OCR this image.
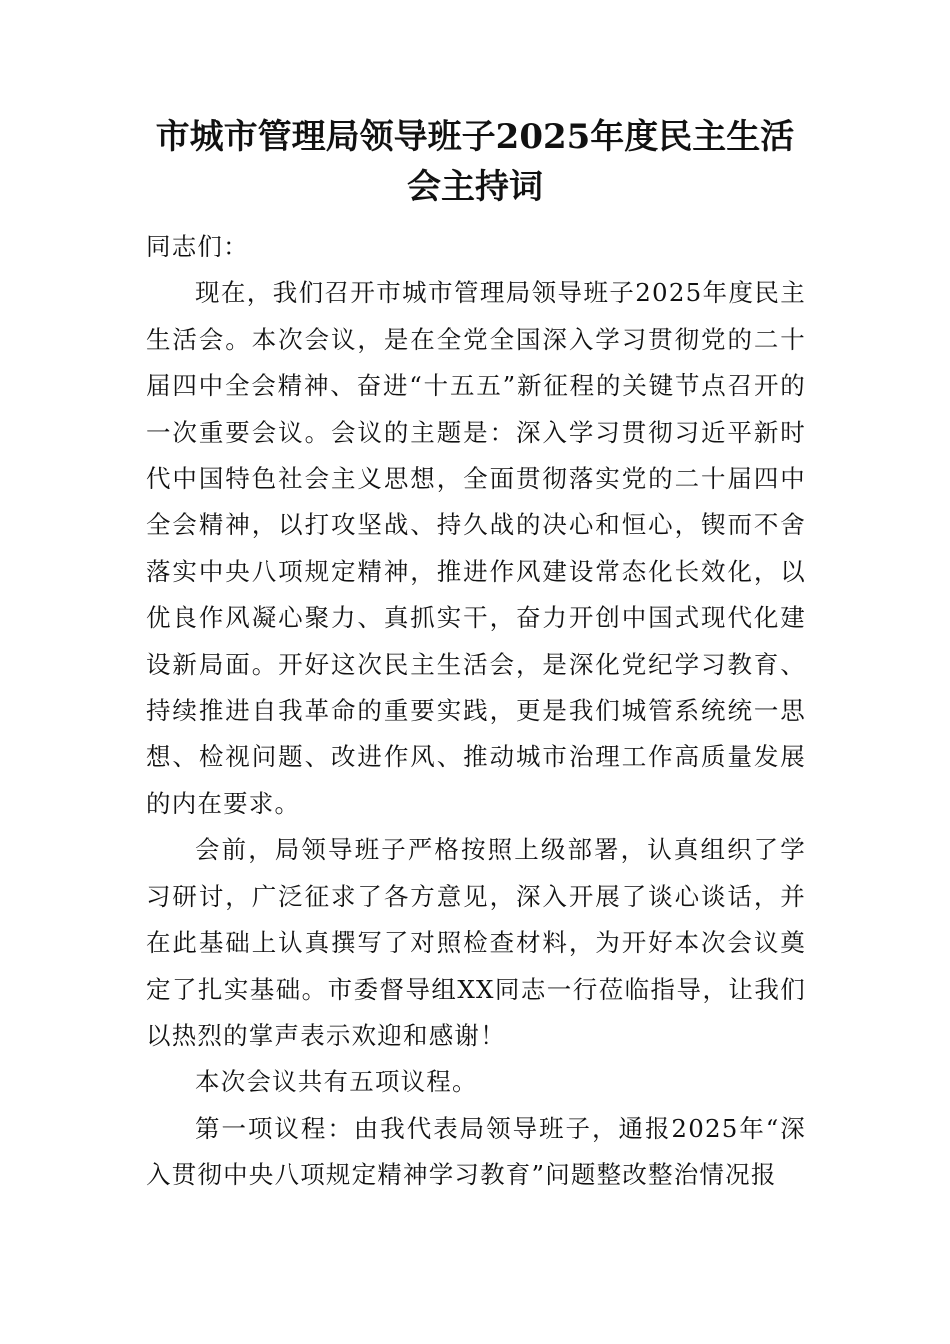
市城市管理局领导班子2025年度民主生活会主持词

同志们：

现在，我们召开市城市管理局领导班子2025年度民主生活会。本次会议，是在全党全国深入学习贯彻党的二十届四中全会精神、奋进“十五五”新征程的关键节点召开的一次重要会议。会议的主题是：深入学习贯彻习近平新时代中国特色社会主义思想，全面贯彻落实党的二十届四中全会精神，以打攻坚战、持久战的决心和恒心，锲而不舍落实中央八项规定精神，推进作风建设常态化长效化，以优良作风凝心聚力、真抓实干，奋力开创中国式现代化建设新局面。开好这次民主生活会，是深化党纪学习教育、持续推进自我革命的重要实践，更是我们城管系统统一思想、检视问题、改进作风、推动城市治理工作高质量发展的内在要求。

会前，局领导班子严格按照上级部署，认真组织了学习研讨，广泛征求了各方意见，深入开展了谈心谈话，并在此基础上认真撰写了对照检查材料，为开好本次会议奠定了扎实基础。市委督导组XX同志一行莅临指导，让我们以热烈的掌声表示欢迎和感谢！

本次会议共有五项议程。

第一项议程：由我代表局领导班子，通报2025年“深入贯彻中央八项规定精神学习教育”问题整改整治情况报
